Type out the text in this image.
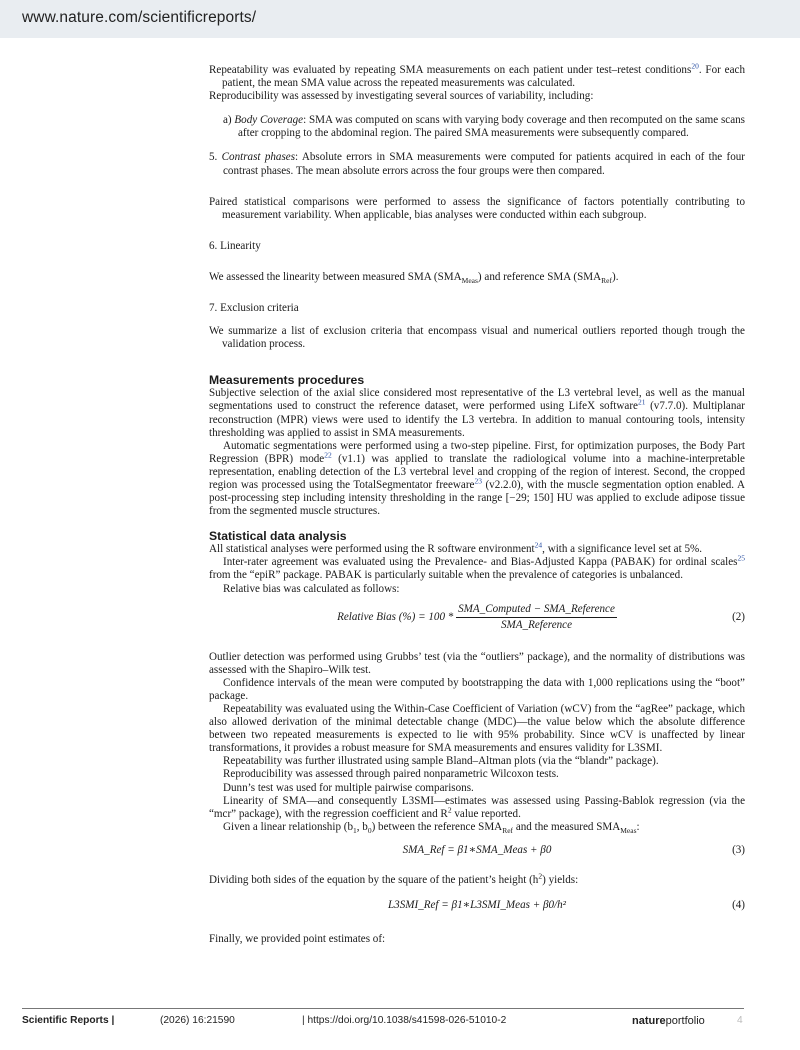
www.nature.com/scientificreports/

Repeatability was evaluated by repeating SMA measurements on each patient under test–retest conditions$^{20}$. For each patient, the mean SMA value across the repeated measurements was calculated.

Reproducibility was assessed by investigating several sources of variability, including:

a) Body Coverage: SMA was computed on scans with varying body coverage and then recomputed on the same scans after cropping to the abdominal region. The paired SMA measurements were subsequently compared.

5. Contrast phases: Absolute errors in SMA measurements were computed for patients acquired in each of the four contrast phases. The mean absolute errors across the four groups were then compared.

Paired statistical comparisons were performed to assess the significance of factors potentially contributing to measurement variability. When applicable, bias analyses were conducted within each subgroup.

6. Linearity

We assessed the linearity between measured SMA $(SMA_{Meas})$ and reference SMA $(SMA_{Ref})$.

7. Exclusion criteria

We summarize a list of exclusion criteria that encompass visual and numerical outliers reported though trough the validation process.

Measurements procedures

Subjective selection of the axial slice considered most representative of the L3 vertebral level, as well as the manual segmentations used to construct the reference dataset, were performed using LifeX software$^{21}$ (v7.7.0). Multiplanar reconstruction (MPR) views were used to identify the L3 vertebra. In addition to manual contouring tools, intensity thresholding was applied to assist in SMA measurements.

Automatic segmentations were performed using a two-step pipeline. First, for optimization purposes, the Body Part Regression (BPR) mode$^{22}$ (v1.1) was applied to translate the radiological volume into a machine-interpretable representation, enabling detection of the L3 vertebral level and cropping of the region of interest. Second, the cropped region was processed using the TotalSegmentator freeware$^{23}$ (v2.2.0), with the muscle segmentation option enabled. A post-processing step including intensity thresholding in the range [−29; 150] HU was applied to exclude adipose tissue from the segmented muscle structures.

Statistical data analysis

All statistical analyses were performed using the R software environment$^{24}$, with a significance level set at 5%.

Inter-rater agreement was evaluated using the Prevalence- and Bias-Adjusted Kappa (PABAK) for ordinal scales$^{25}$ from the “epiR” package. PABAK is particularly suitable when the prevalence of categories is unbalanced.

Relative bias was calculated as follows:

Relative Bias (%) = $100 * \frac{\text{SMA\_Computed − SMA\_Reference}}{\text{SMA\_Reference}}$	(2)

Outlier detection was performed using Grubbs’ test (via the “outliers” package), and the normality of distributions was assessed with the Shapiro–Wilk test.

Confidence intervals of the mean were computed by bootstrapping the data with 1,000 replications using the “boot” package.

Repeatability was evaluated using the Within-Case Coefficient of Variation (wCV) from the “agRee” package, which also allowed derivation of the minimal detectable change (MDC)—the value below which the absolute difference between two repeated measurements is expected to lie with 95% probability. Since wCV is unaffected by linear transformations, it provides a robust measure for SMA measurements and ensures validity for L3SMI.

Repeatability was further illustrated using sample Bland–Altman plots (via the “blandr” package).

Reproducibility was assessed through paired nonparametric Wilcoxon tests.

Dunn’s test was used for multiple pairwise comparisons.

Linearity of SMA—and consequently L3SMI—estimates was assessed using Passing-Bablok regression (via the “mcr” package), with the regression coefficient and $R^2$ value reported.

Given a linear relationship ($b_1$, $b_0$) between the reference $SMA_{Ref}$ and the measured $SMA_{Meas}$:

SMA_Ref = β1∗SMA_Meas + β0	(3)

Dividing both sides of the equation by the square of the patient’s height $(h^2)$ yields:

L3SMI_Ref = β1∗L3SMI_Meas + β0/h²	(4)

Finally, we provided point estimates of:

Scientific Reports |	(2026) 16:21590	| https://doi.org/10.1038/s41598-026-51010-2	natureportfolio	4
